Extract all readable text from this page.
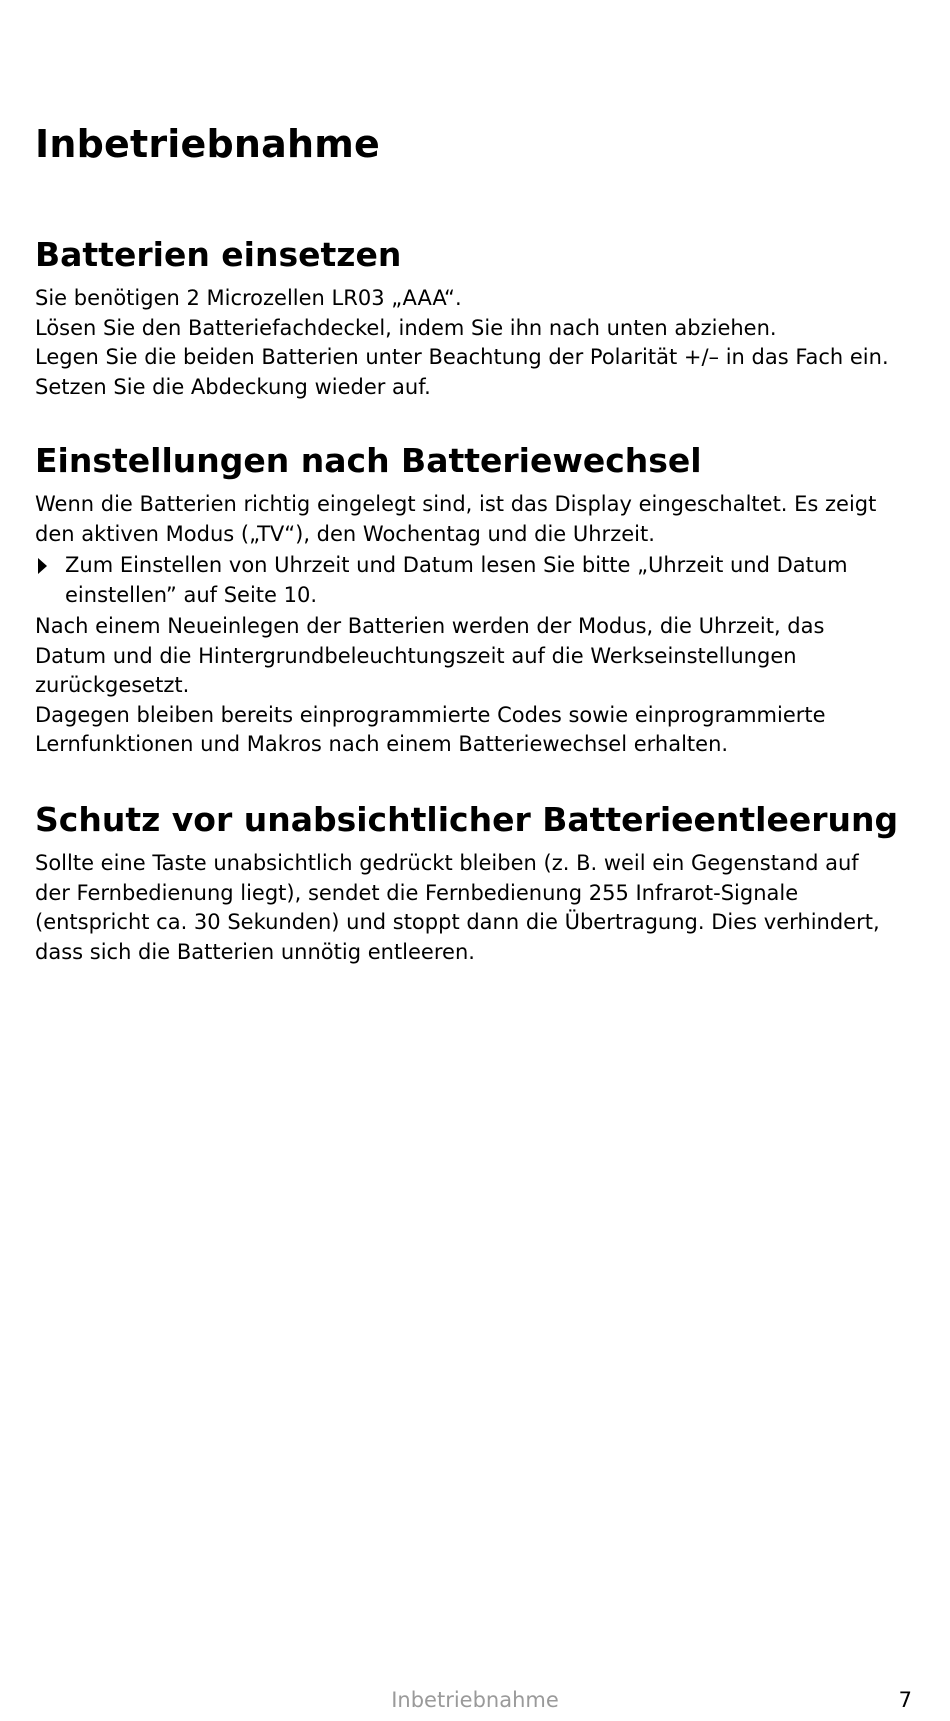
Inbetriebnahme
Batterien einsetzen
Sie benötigen 2 Microzellen LR03 „AAA“.
Lösen Sie den Batteriefachdeckel, indem Sie ihn nach unten abziehen.
Legen Sie die beiden Batterien unter Beachtung der Polarität +/– in das Fach ein.
Setzen Sie die Abdeckung wieder auf.
Einstellungen nach Batteriewechsel
Wenn die Batterien richtig eingelegt sind, ist das Display eingeschaltet. Es zeigt
den aktiven Modus („TV“), den Wochentag und die Uhrzeit.
Zum Einstellen von Uhrzeit und Datum lesen Sie bitte „Uhrzeit und Datum
einstellen” auf Seite 10.
Nach einem Neueinlegen der Batterien werden der Modus, die Uhrzeit, das
Datum und die Hintergrundbeleuchtungszeit auf die Werkseinstellungen
zurückgesetzt.
Dagegen bleiben bereits einprogrammierte Codes sowie einprogrammierte
Lernfunktionen und Makros nach einem Batteriewechsel erhalten.
Schutz vor unabsichtlicher Batterieentleerung
Sollte eine Taste unabsichtlich gedrückt bleiben (z. B. weil ein Gegenstand auf
der Fernbedienung liegt), sendet die Fernbedienung 255 Infrarot-Signale
(entspricht ca. 30 Sekunden) und stoppt dann die Übertragung. Dies verhindert,
dass sich die Batterien unnötig entleeren.
Inbetriebnahme	7
